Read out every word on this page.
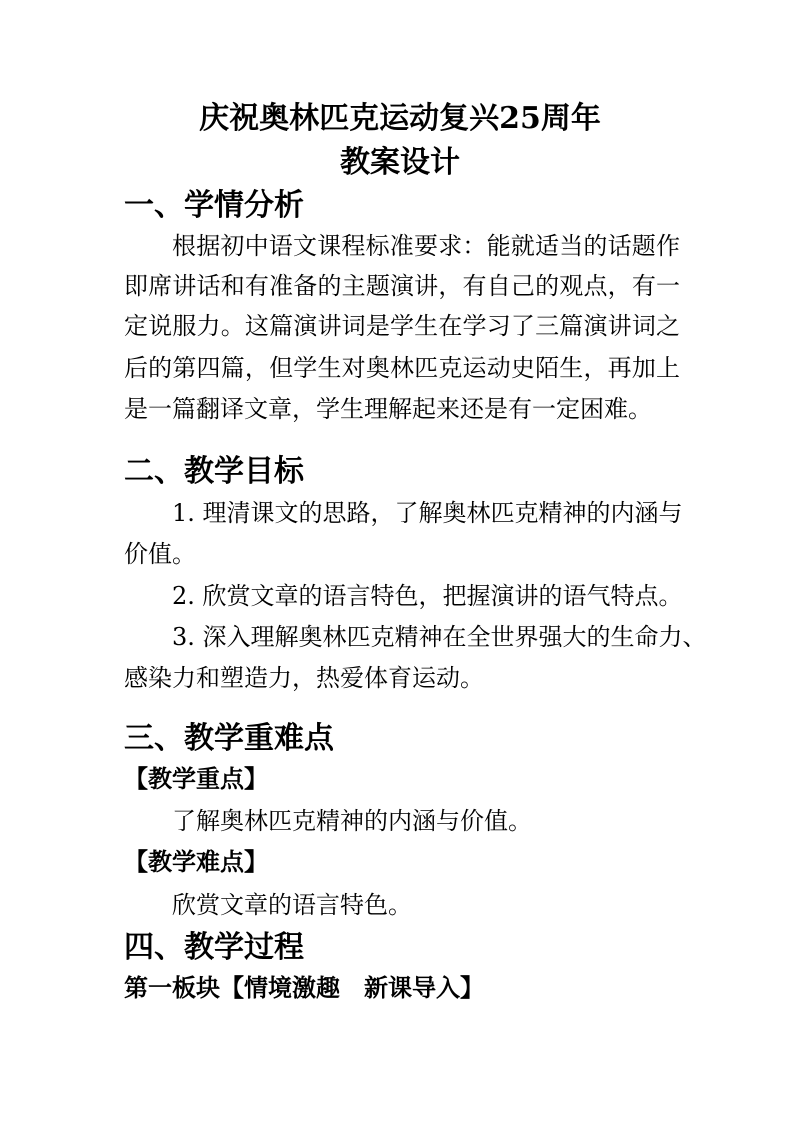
庆祝奥林匹克运动复兴25周年
教案设计
一、学情分析
根据初中语文课程标准要求：能就适当的话题作
即席讲话和有准备的主题演讲，有自己的观点，有一
定说服力。这篇演讲词是学生在学习了三篇演讲词之
后的第四篇，但学生对奥林匹克运动史陌生，再加上
是一篇翻译文章，学生理解起来还是有一定困难。
二、教学目标
1. 理清课文的思路，了解奥林匹克精神的内涵与
价值。
2. 欣赏文章的语言特色，把握演讲的语气特点。
3. 深入理解奥林匹克精神在全世界强大的生命力、
感染力和塑造力，热爱体育运动。
三、教学重难点
【教学重点】
了解奥林匹克精神的内涵与价值。
【教学难点】
欣赏文章的语言特色。
四、教学过程
第一板块【情境激趣　新课导入】
